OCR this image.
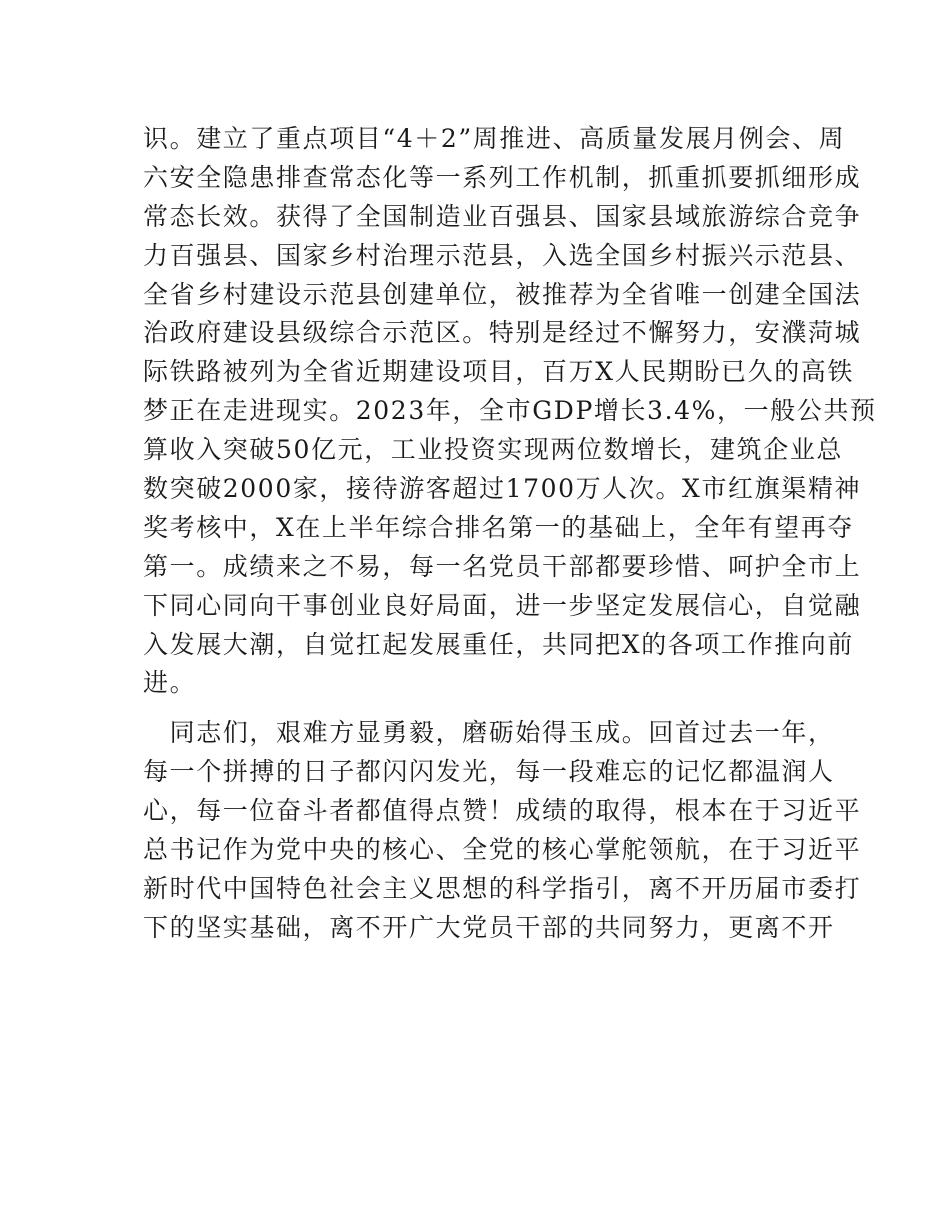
识。建立了重点项目“4＋2”周推进、高质量发展月例会、周
六安全隐患排查常态化等一系列工作机制，抓重抓要抓细形成
常态长效。获得了全国制造业百强县、国家县域旅游综合竞争
力百强县、国家乡村治理示范县，入选全国乡村振兴示范县、
全省乡村建设示范县创建单位，被推荐为全省唯一创建全国法
治政府建设县级综合示范区。特别是经过不懈努力，安濮菏城
际铁路被列为全省近期建设项目，百万X人民期盼已久的高铁
梦正在走进现实。2023年，全市GDP增长3.4%，一般公共预
算收入突破50亿元，工业投资实现两位数增长，建筑企业总
数突破2000家，接待游客超过1700万人次。X市红旗渠精神
奖考核中，X在上半年综合排名第一的基础上，全年有望再夺
第一。成绩来之不易，每一名党员干部都要珍惜、呵护全市上
下同心同向干事创业良好局面，进一步坚定发展信心，自觉融
入发展大潮，自觉扛起发展重任，共同把X的各项工作推向前
进。
　同志们，艰难方显勇毅，磨砺始得玉成。回首过去一年，
每一个拼搏的日子都闪闪发光，每一段难忘的记忆都温润人
心，每一位奋斗者都值得点赞！成绩的取得，根本在于习近平
总书记作为党中央的核心、全党的核心掌舵领航，在于习近平
新时代中国特色社会主义思想的科学指引，离不开历届市委打
下的坚实基础，离不开广大党员干部的共同努力，更离不开
